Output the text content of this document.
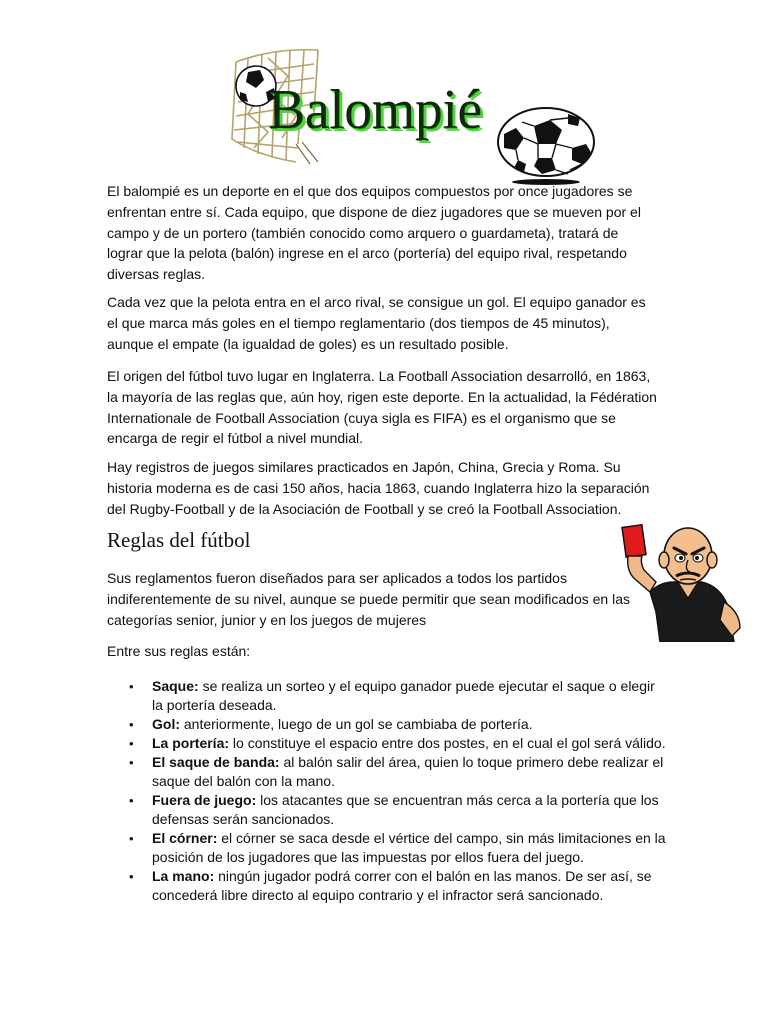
Balompié

El balompié es un deporte en el que dos equipos compuestos por once jugadores se enfrentan entre sí. Cada equipo, que dispone de diez jugadores que se mueven por el campo y de un portero (también conocido como arquero o guardameta), tratará de lograr que la pelota (balón) ingrese en el arco (portería) del equipo rival, respetando diversas reglas.

Cada vez que la pelota entra en el arco rival, se consigue un gol. El equipo ganador es el que marca más goles en el tiempo reglamentario (dos tiempos de 45 minutos), aunque el empate (la igualdad de goles) es un resultado posible.

El origen del fútbol tuvo lugar en Inglaterra. La Football Association desarrolló, en 1863, la mayoría de las reglas que, aún hoy, rigen este deporte. En la actualidad, la Fédération Internationale de Football Association (cuya sigla es FIFA) es el organismo que se encarga de regir el fútbol a nivel mundial.

Hay registros de juegos similares practicados en Japón, China, Grecia y Roma. Su historia moderna es de casi 150 años, hacia 1863, cuando Inglaterra hizo la separación del Rugby-Football y de la Asociación de Football y se creó la Football Association.

Reglas del fútbol

Sus reglamentos fueron diseñados para ser aplicados a todos los partidos indiferentemente de su nivel, aunque se puede permitir que sean modificados en las categorías senior, junior y en los juegos de mujeres

Entre sus reglas están:

• Saque: se realiza un sorteo y el equipo ganador puede ejecutar el saque o elegir la portería deseada.
• Gol: anteriormente, luego de un gol se cambiaba de portería.
• La portería: lo constituye el espacio entre dos postes, en el cual el gol será válido.
• El saque de banda: al balón salir del área, quien lo toque primero debe realizar el saque del balón con la mano.
• Fuera de juego: los atacantes que se encuentran más cerca a la portería que los defensas serán sancionados.
• El córner: el córner se saca desde el vértice del campo, sin más limitaciones en la posición de los jugadores que las impuestas por ellos fuera del juego.
• La mano: ningún jugador podrá correr con el balón en las manos. De ser así, se concederá libre directo al equipo contrario y el infractor será sancionado.
